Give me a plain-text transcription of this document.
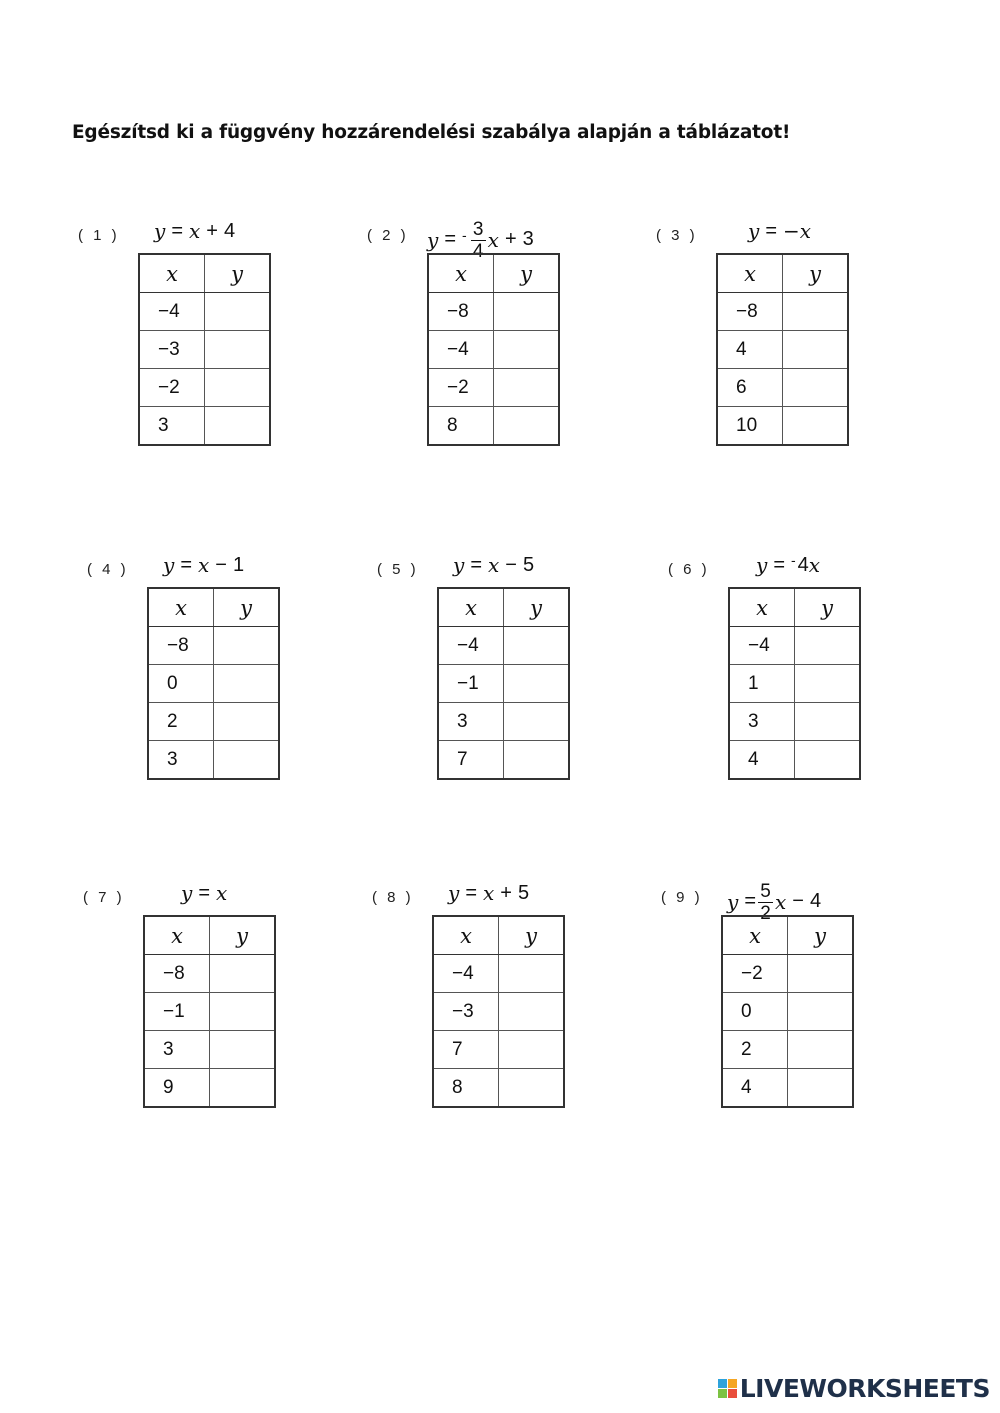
Egészítsd ki a függvény hozzárendelési szabálya alapján a táblázatot!
( 1 ) y = x + 4
x	y
−4	
−3	
−2	
3	
( 2 ) y = - $\frac{3}{4}$ x + 3
x	y
−8	
−4	
−2	
8	
( 3 )	y = −x
x	y
−8	
4	
6	
10	
( 4 ) y = x − 1
x	y
−8	
0	
2	
3	
( 5 ) y = x − 5
x	y
−4	
−1	
3	
7	
( 6 ) y = - 4 x
x	y
−4	
1	
3	
4	
( 7 )	y = x
x	y
−8	
−1	
3	
9	
( 8 ) y = x + 5
x	y
−4	
−3	
7	
8	
( 9 ) $y = \frac{5}{2}$ x − 4
x	y
−2	
0	
2	
4	
LIVEWORKSHEETS
